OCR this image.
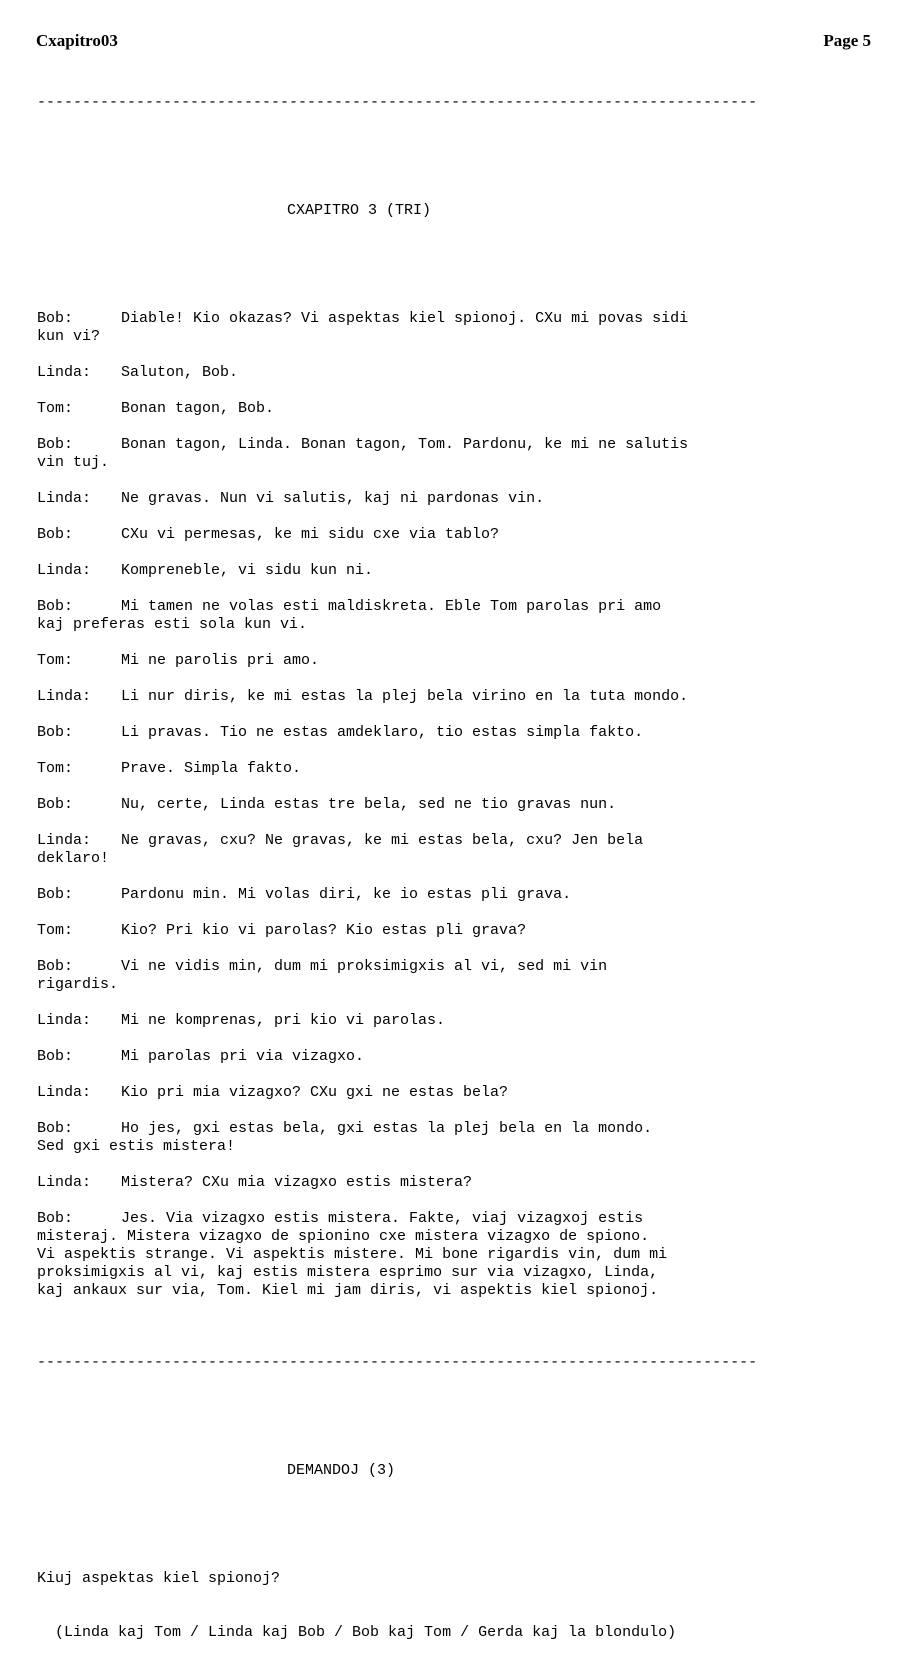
Cxapitro03	Page 5

--------------------------------------------------------------------------------

CXAPITRO 3 (TRI)

Bob:	Diable! Kio okazas? Vi aspektas kiel spionoj. CXu mi povas sidi
kun vi?
Linda: Saluton, Bob.
Tom:	Bonan tagon, Bob.
Bob:	Bonan tagon, Linda. Bonan tagon, Tom. Pardonu, ke mi ne salutis
vin tuj.
Linda: Ne gravas. Nun vi salutis, kaj ni pardonas vin.
Bob:	CXu vi permesas, ke mi sidu cxe via tablo?
Linda: Kompreneble, vi sidu kun ni.
Bob:	Mi tamen ne volas esti maldiskreta. Eble Tom parolas pri amo
kaj preferas esti sola kun vi.
Tom:	Mi ne parolis pri amo.
Linda: Li nur diris, ke mi estas la plej bela virino en la tuta mondo.
Bob:	Li pravas. Tio ne estas amdeklaro, tio estas simpla fakto.
Tom:	Prave. Simpla fakto.
Bob:	Nu, certe, Linda estas tre bela, sed ne tio gravas nun.
Linda: Ne gravas, cxu? Ne gravas, ke mi estas bela, cxu? Jen bela
deklaro!
Bob:	Pardonu min. Mi volas diri, ke io estas pli grava.
Tom:	Kio? Pri kio vi parolas? Kio estas pli grava?
Bob:	Vi ne vidis min, dum mi proksimigxis al vi, sed mi vin
rigardis.
Linda: Mi ne komprenas, pri kio vi parolas.
Bob:	Mi parolas pri via vizagxo.
Linda: Kio pri mia vizagxo? CXu gxi ne estas bela?
Bob:	Ho jes, gxi estas bela, gxi estas la plej bela en la mondo.
Sed gxi estis mistera!
Linda: Mistera? CXu mia vizagxo estis mistera?
Bob:	Jes. Via vizagxo estis mistera. Fakte, viaj vizagxoj estis
misteraj. Mistera vizagxo de spionino cxe mistera vizagxo de spiono.
Vi aspektis strange. Vi aspektis mistere. Mi bone rigardis vin, dum mi
proksimigxis al vi, kaj estis mistera esprimo sur via vizagxo, Linda,
kaj ankaux sur via, Tom. Kiel mi jam diris, vi aspektis kiel spionoj.

--------------------------------------------------------------------------------

DEMANDOJ (3)

Kiuj aspektas kiel spionoj?

(Linda kaj Tom / Linda kaj Bob / Bob kaj Tom / Gerda kaj la blondulo)
